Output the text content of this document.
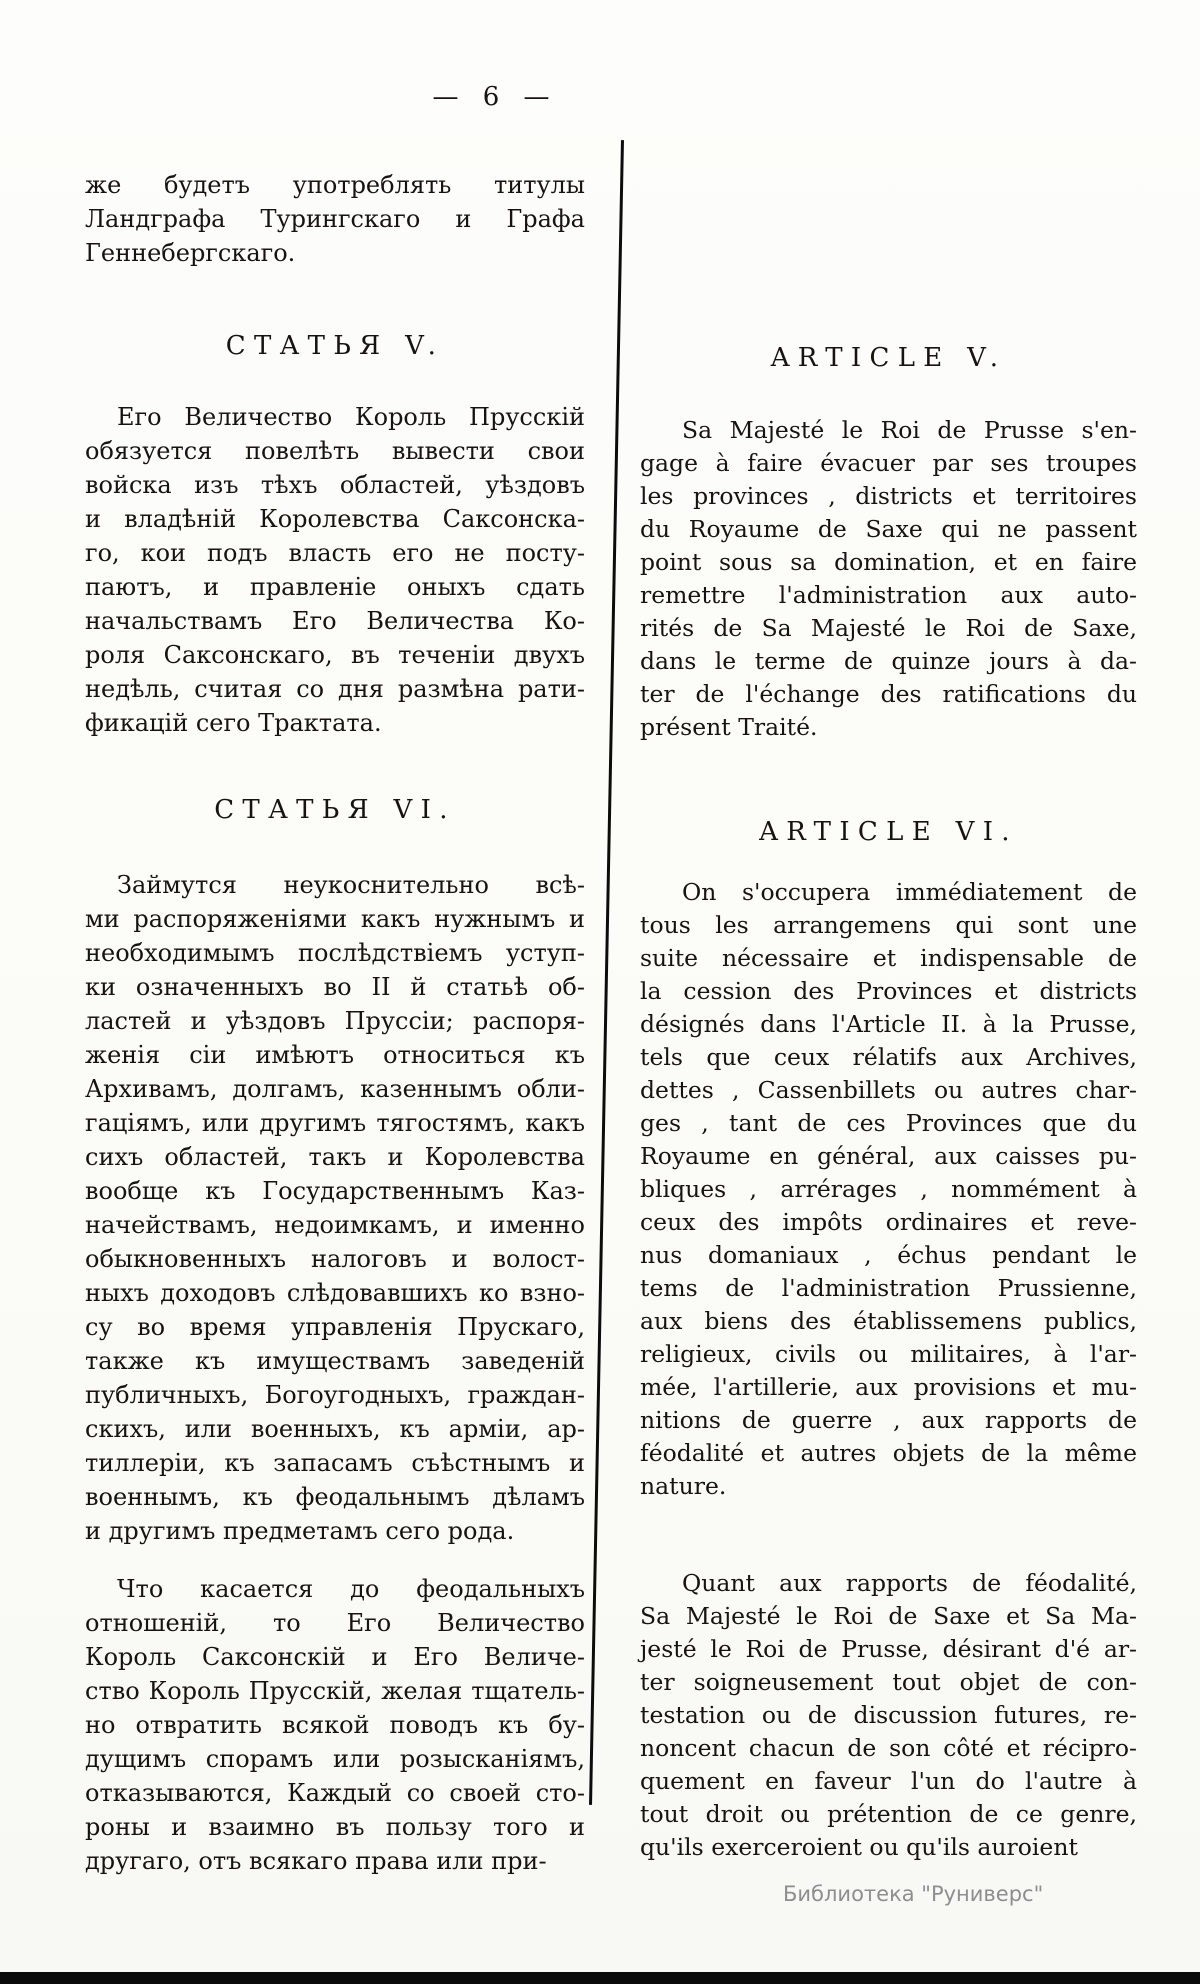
— 6 —
же будетъ употреблять титулы
Ландграфа Турингскаго и Графа
Геннебергскаго.
СТАТЬЯ V.
Его Величество Король Прусскій
обязуется повелѣть вывести свои
войска изъ тѣхъ областей, уѣздовъ
и владѣній Королевства Саксонска-
го, кои подъ власть его не посту-
паютъ, и правленіе оныхъ сдать
начальствамъ Его Величества Ко-
роля Саксонскаго, въ теченіи двухъ
недѣль, считая со дня размѣна рати-
фикацій сего Трактата.
СТАТЬЯ VI.
Займутся неукоснительно всѣ-
ми распоряженіями какъ нужнымъ и
необходимымъ послѣдствіемъ уступ-
ки означенныхъ во II й статьѣ об-
ластей и уѣздовъ Пруссіи; распоря-
женія сіи имѣютъ относиться къ
Архивамъ, долгамъ, казеннымъ обли-
гаціямъ, или другимъ тягостямъ, какъ
сихъ областей, такъ и Королевства
вообще къ Государственнымъ Каз-
начействамъ, недоимкамъ, и именно
обыкновенныхъ налоговъ и волост-
ныхъ доходовъ слѣдовавшихъ ко взно-
су во время управленія Прускаго,
также къ имуществамъ заведеній
публичныхъ, Богоугодныхъ, граждан-
скихъ, или военныхъ, къ арміи, ар-
тиллеріи, къ запасамъ съѣстнымъ и
военнымъ, къ феодальнымъ дѣламъ
и другимъ предметамъ сего рода.
Что касается до феодальныхъ
отношеній, то Его Величество
Король Саксонскій и Его Величе-
ство Король Прусскій, желая тщатель-
но отвратить всякой поводъ къ бу-
дущимъ спорамъ или розысканіямъ,
отказываются, Каждый со своей сто-
роны и взаимно въ пользу того и
другаго, отъ всякаго права или при-
ARTICLE V.
Sa Majesté le Roi de Prusse s'en-
gage à faire évacuer par ses troupes
les provinces , districts et territoires
du Royaume de Saxe qui ne passent
point sous sa domination, et en faire
remettre l'administration aux auto-
rités de Sa Majesté le Roi de Saxe,
dans le terme de quinze jours à da-
ter de l'échange des ratifications du
présent Traité.
ARTICLE VI.
On s'occupera immédiatement de
tous les arrangemens qui sont une
suite nécessaire et indispensable de
la cession des Provinces et districts
désignés dans l'Article II. à la Prusse,
tels que ceux rélatifs aux Archives,
dettes , Cassenbillets ou autres char-
ges , tant de ces Provinces que du
Royaume en général, aux caisses pu-
bliques , arrérages , nommément à
ceux des impôts ordinaires et reve-
nus domaniaux , échus pendant le
tems de l'administration Prussienne,
aux biens des établissemens publics,
religieux, civils ou militaires, à l'ar-
mée, l'artillerie, aux provisions et mu-
nitions de guerre , aux rapports de
féodalité et autres objets de la même
nature.
Quant aux rapports de féodalité,
Sa Majesté le Roi de Saxe et Sa Ma-
jesté le Roi de Prusse, désirant d'é ar-
ter soigneusement tout objet de con-
testation ou de discussion futures, re-
noncent chacun de son côté et récipro-
quement en faveur l'un do l'autre à
tout droit ou prétention de ce genre,
qu'ils exerceroient ou qu'ils auroient
Библиотека "Руниверс"
